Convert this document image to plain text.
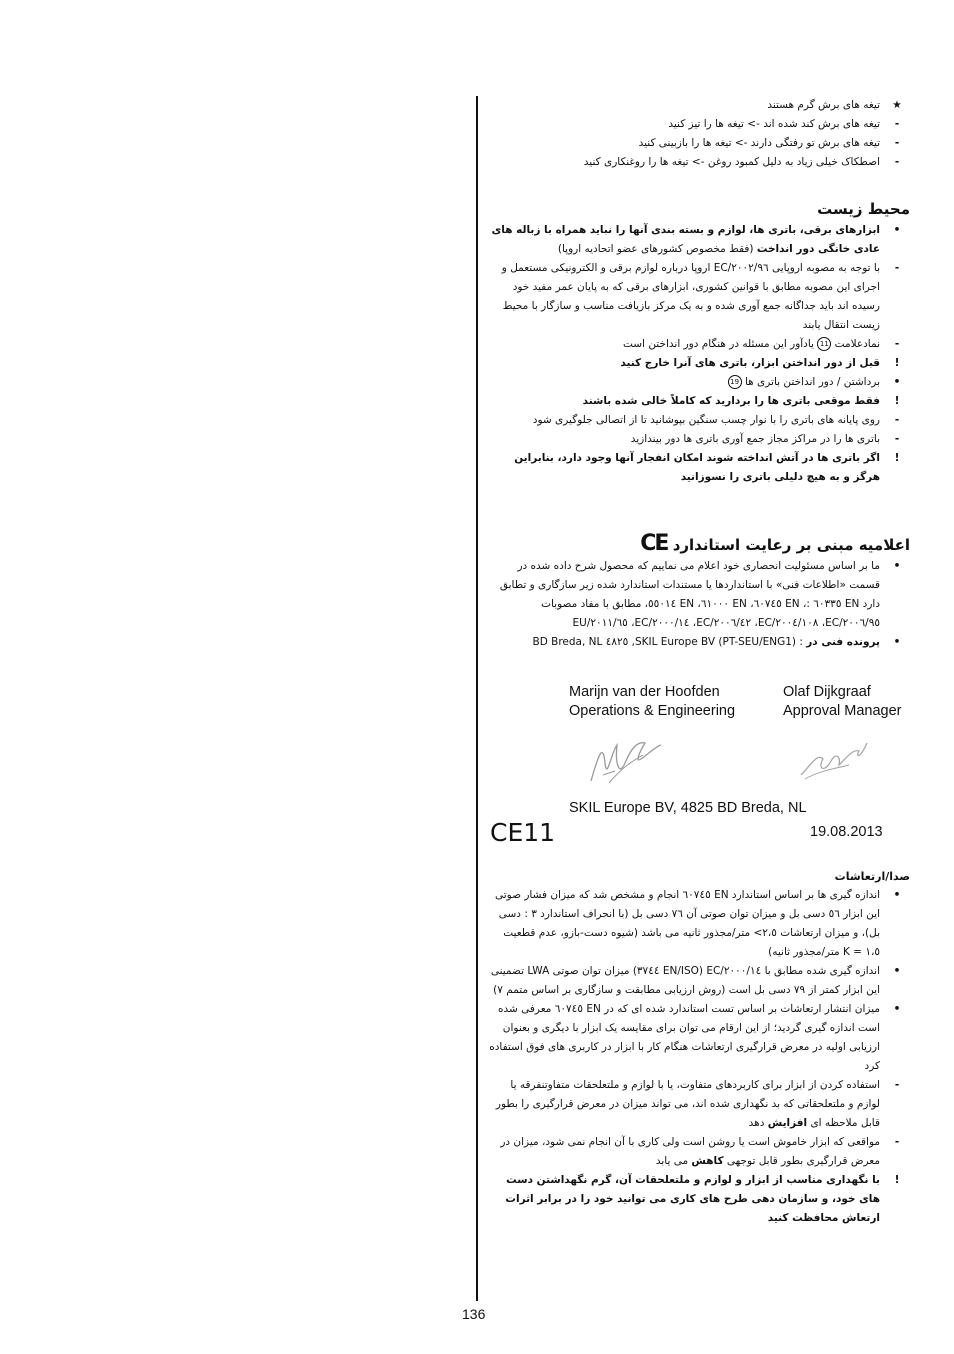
★
تیغه های برش گرم هستند
-
تیغه های برش کند شده اند -> تیغه ها را تیز کنید
-
تیغه های برش تو رفتگی دارند -> تیغه ها را بازبینی کنید
-
اصطکاک خیلی زیاد به دلیل کمبود روغن -> تیغه ها را روغنکاری کنید
محیط زیست
•
ابزارهای برقی، باتری ها، لوازم و بسته بندی آنها را نباید همراه با زباله های عادی خانگی دور انداخت (فقط مخصوص کشورهای عضو اتحادیه اروپا)
-
با توجه به مصوبه اروپایی ۲۰۰۲/۹٦/EC اروپا درباره لوازم برقی و الکترونیکی مستعمل و اجرای این مصوبه مطابق با قوانین کشوری، ابزارهای برقی که به پایان عمر مفید خود رسیده اند باید جداگانه جمع آوری شده و به یک مرکز بازیافت مناسب و سازگار با محیط زیست انتقال یابند
-
نمادعلامت 11 یادآور این مسئله در هنگام دور انداختن است
!
قبل از دور انداختن ابزار، باتری های آنرا خارج کنید
•
برداشتن / دور انداختن باتری ها 19
!
فقط موقعی باتری ها را بردارید که کاملاً خالی شده باشند
-
روی پایانه های باتری را با نوار چسب سنگین بپوشانید تا از اتصالی جلوگیری شود
-
باتری ها را در مراکز مجاز جمع آوری باتری ها دور بیندازید
!
اگر باتری ها در آتش انداخته شوند امکان انفجار آنها وجود دارد، بنابراین هرگز و به هیچ دلیلی باتری را نسوزانید
اعلامیه مبنی بر رعایت استاندارد CE
•
ما بر اساس مسئولیت انحصاری خود اعلام می نماییم که محصول شرح داده شده در قسمت «اطلاعات فنی» با استانداردها یا مستندات استاندارد شده زیر سازگاری و تطابق دارد EN ٦٠٣٣٥ :، EN ٦٠٧٤٥، EN ٦١٠٠٠، EN ٥٥٠١٤، مطابق با مفاد مصوبات ٢٠٠٦/٩٥/EC، ٢٠٠٤/١٠٨/EC، ٢٠٠٦/٤٢/EC، ٢٠٠٠/١٤/EC، ٢٠١١/٦٥/EU
•
پرونده فنی در : SKIL Europe BV (PT-SEU/ENG1), ٤٨٢٥ BD Breda, NL
Marijn van der Hoofden
Operations & Engineering
Olaf Dijkgraaf
Approval Manager
SKIL Europe BV, 4825 BD Breda, NL
CE11	19.08.2013
صدا/ارتعاشات
•
اندازه گیری ها بر اساس استاندارد EN ٦٠٧٤٥ انجام و مشخص شد که میزان فشار صوتی این ابزار ٥٦ دسی بل و میزان توان صوتی آن ٧٦ دسی بل (با انحراف استاندارد ٣ : دسی بل)، و میزان ارتعاشات ٢،٥> متر/مجذور ثانیه می باشد (شیوه دست-بازو، عدم قطعیت ١،٥ = K متر/مجذور ثانیه)
•
اندازه گیری شده مطابق با ٢٠٠٠/١٤/EC (EN/ISO ٣٧٤٤) میزان توان صوتی LWA تضمینی این ابزار کمتر از ٧٩ دسی بل است (روش ارزیابی مطابقت و سازگاری بر اساس متمم ٧)
•
میزان انتشار ارتعاشات بر اساس تست استاندارد شده ای که در EN ٦٠٧٤٥ معرفی شده است اندازه گیری گردید؛ از این ارقام می توان برای مقایسه یک ابزار با دیگری و بعنوان ارزیابی اولیه در معرض قرارگیری ارتعاشات هنگام کار با ابزار در کاربری های فوق استفاده کرد
-
استفاده کردن از ابزار برای کاربردهای متفاوت، یا با لوازم و ملتعلحقات متفاوتنفرقه یا لوازم و ملتعلحقاتی که بد نگهداری شده اند، می تواند میزان در معرض قرارگیری را بطور قابل ملاحظه ای افزایش دهد
-
مواقعی که ابزار خاموش است یا روشن است ولی کاری با آن انجام نمی شود، میزان در معرض قرارگیری بطور قابل توجهی کاهش می یابد
!
با نگهداری مناسب از ابزار و لوازم و ملتعلحقات آن، گرم نگهداشتن دست های خود، و سازمان دهی طرح های کاری می توانید خود را در برابر اثرات ارتعاش محافظت کنید
136
